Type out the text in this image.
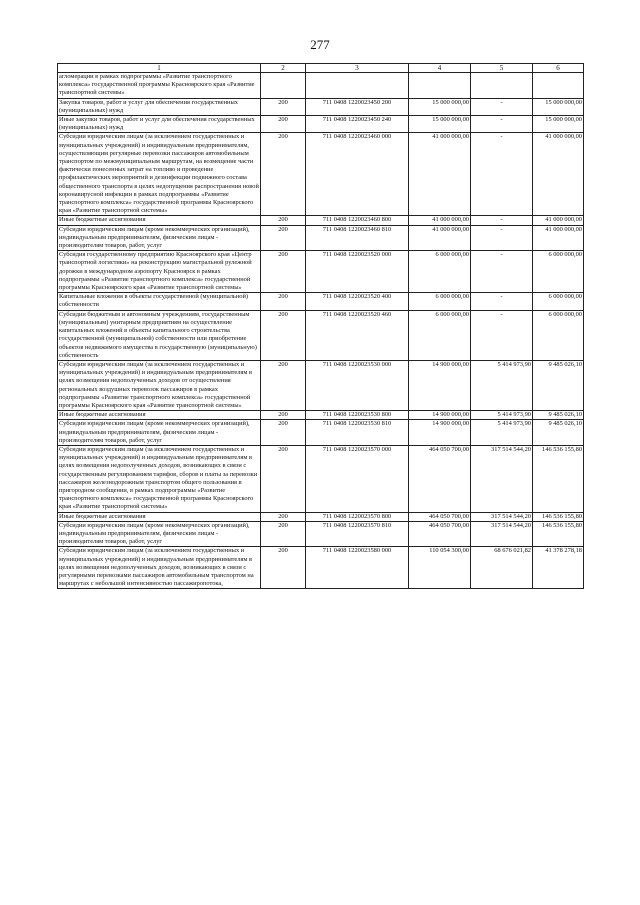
277
1	2	3	4	5	6
агломерации в рамках подпрограммы «Развитие транспортного комплекса» государственной программы Красноярского края «Развитие транспортной системы»					
Закупка товаров, работ и услуг для обеспечения государственных (муниципальных) нужд	200	711 0408 1220023450 200	15 000 000,00	-	15 000 000,00
Иные закупки товаров, работ и услуг для обеспечения государственных (муниципальных) нужд	200	711 0408 1220023450 240	15 000 000,00	-	15 000 000,00
Субсидии юридическим лицам (за исключением государственных и муниципальных учреждений) и индивидуальным предпринимателям, осуществляющим регулярные перевозки пассажиров автомобильным транспортом по межмуниципальным маршрутам, на возмещение части фактически понесенных затрат на топливо и проведение профилактических мероприятий и дезинфекции подвижного состава общественного транспорта в целях недопущения распространения новой коронавирусной инфекции в рамках подпрограммы «Развитие транспортного комплекса» государственной программы Красноярского края «Развитие транспортной системы»	200	711 0408 1220023460 000	41 000 000,00	-	41 000 000,00
Иные бюджетные ассигнования	200	711 0408 1220023460 800	41 000 000,00	-	41 000 000,00
Субсидии юридическим лицам (кроме некоммерческих организаций), индивидуальным предпринимателям, физическим лицам - производителям товаров, работ, услуг	200	711 0408 1220023460 810	41 000 000,00	-	41 000 000,00
Субсидия государственному предприятию Красноярского края «Центр транспортной логистики» на реконструкцию магистральной рулежной дорожки в международном аэропорту Красноярск в рамках подпрограммы «Развитие транспортного комплекса» государственной программы Красноярского края «Развитие транспортной системы»	200	711 0408 1220023520 000	6 000 000,00	-	6 000 000,00
Капитальные вложения в объекты государственной (муниципальной) собственности	200	711 0408 1220023520 400	6 000 000,00	-	6 000 000,00
Субсидии бюджетным и автономным учреждениям, государственным (муниципальным) унитарным предприятиям на осуществление капитальных вложений в объекты капитального строительства государственной (муниципальной) собственности или приобретение объектов недвижимого имущества в государственную (муниципальную) собственность	200	711 0408 1220023520 460	6 000 000,00	-	6 000 000,00
Субсидии юридическим лицам (за исключением государственных и муниципальных учреждений) и индивидуальным предпринимателям в целях возмещения недополученных доходов от осуществления региональных воздушных перевозок пассажиров в рамках подпрограммы «Развитие транспортного комплекса» государственной программы Красноярского края «Развитие транспортной системы»	200	711 0408 1220023530 000	14 900 000,00	5 414 973,90	9 485 026,10
Иные бюджетные ассигнования	200	711 0408 1220023530 800	14 900 000,00	5 414 973,90	9 485 026,10
Субсидии юридическим лицам (кроме некоммерческих организаций), индивидуальным предпринимателям, физическим лицам - производителям товаров, работ, услуг	200	711 0408 1220023530 810	14 900 000,00	5 414 973,90	9 485 026,10
Субсидии юридическим лицам (за исключением государственных и муниципальных учреждений) и индивидуальным предпринимателям в целях возмещения недополученных доходов, возникающих в связи с государственным регулированием тарифов, сборов и платы за перевозки пассажиров железнодорожным транспортом общего пользования в пригородном сообщении, в рамках подпрограммы «Развитие транспортного комплекса» государственной программы Красноярского края «Развитие транспортной системы»	200	711 0408 1220023570 000	464 050 700,00	317 514 544,20	146 536 155,80
Иные бюджетные ассигнования	200	711 0408 1220023570 800	464 050 700,00	317 514 544,20	146 536 155,80
Субсидии юридическим лицам (кроме некоммерческих организаций), индивидуальным предпринимателям, физическим лицам - производителям товаров, работ, услуг	200	711 0408 1220023570 810	464 050 700,00	317 514 544,20	146 536 155,80
Субсидии юридическим лицам (за исключением государственных и муниципальных учреждений) и индивидуальным предпринимателям в целях возмещения недополученных доходов, возникающих в связи с регулярными перевозками пассажиров автомобильным транспортом на маршрутах с небольшой интенсивностью пассажиропотока,	200	711 0408 1220023580 000	110 054 300,00	68 676 021,82	41 378 278,18
